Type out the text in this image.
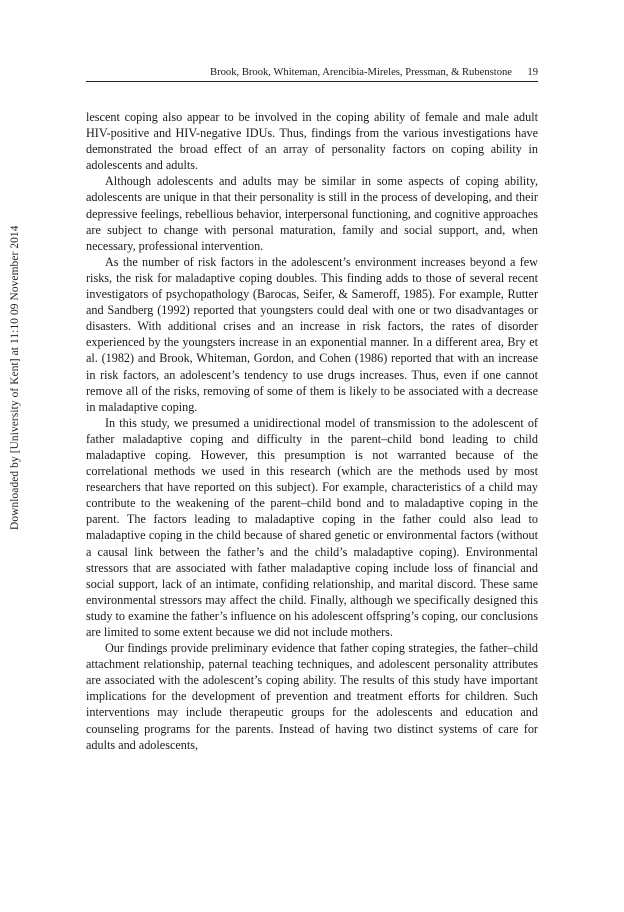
Brook, Brook, Whiteman, Arencibia-Mireles, Pressman, & Rubenstone 19
Downloaded by [University of Kent] at 11:10 09 November 2014

lescent coping also appear to be involved in the coping ability of female and male adult HIV-positive and HIV-negative IDUs. Thus, findings from the various investigations have demonstrated the broad effect of an array of personality factors on coping ability in adolescents and adults.

Although adolescents and adults may be similar in some aspects of coping ability, adolescents are unique in that their personality is still in the process of developing, and their depressive feelings, rebellious behavior, interpersonal functioning, and cognitive approaches are subject to change with personal maturation, family and social support, and, when necessary, professional intervention.

As the number of risk factors in the adolescent’s environment increases beyond a few risks, the risk for maladaptive coping doubles. This finding adds to those of several recent investigators of psychopathology (Barocas, Seifer, & Sameroff, 1985). For example, Rutter and Sandberg (1992) reported that youngsters could deal with one or two disadvantages or disasters. With additional crises and an increase in risk factors, the rates of disorder experienced by the youngsters increase in an exponential manner. In a different area, Bry et al. (1982) and Brook, Whiteman, Gordon, and Cohen (1986) reported that with an increase in risk factors, an adolescent’s tendency to use drugs increases. Thus, even if one cannot remove all of the risks, removing of some of them is likely to be associated with a decrease in maladaptive coping.

In this study, we presumed a unidirectional model of transmission to the adolescent of father maladaptive coping and difficulty in the parent–child bond leading to child maladaptive coping. However, this presumption is not warranted because of the correlational methods we used in this research (which are the methods used by most researchers that have reported on this subject). For example, characteristics of a child may contribute to the weakening of the parent–child bond and to maladaptive coping in the parent. The factors leading to maladaptive coping in the father could also lead to maladaptive coping in the child because of shared genetic or environmental factors (without a causal link between the father’s and the child’s maladaptive coping). Environmental stressors that are associated with father maladaptive coping include loss of financial and social support, lack of an intimate, confiding relationship, and marital discord. These same environmental stressors may affect the child. Finally, although we specifically designed this study to examine the father’s influence on his adolescent offspring’s coping, our conclusions are limited to some extent because we did not include mothers.

Our findings provide preliminary evidence that father coping strategies, the father–child attachment relationship, paternal teaching techniques, and adolescent personality attributes are associated with the adolescent’s coping ability. The results of this study have important implications for the development of prevention and treatment efforts for children. Such interventions may include therapeutic groups for the adolescents and education and counseling programs for the parents. Instead of having two distinct systems of care for adults and adolescents,
